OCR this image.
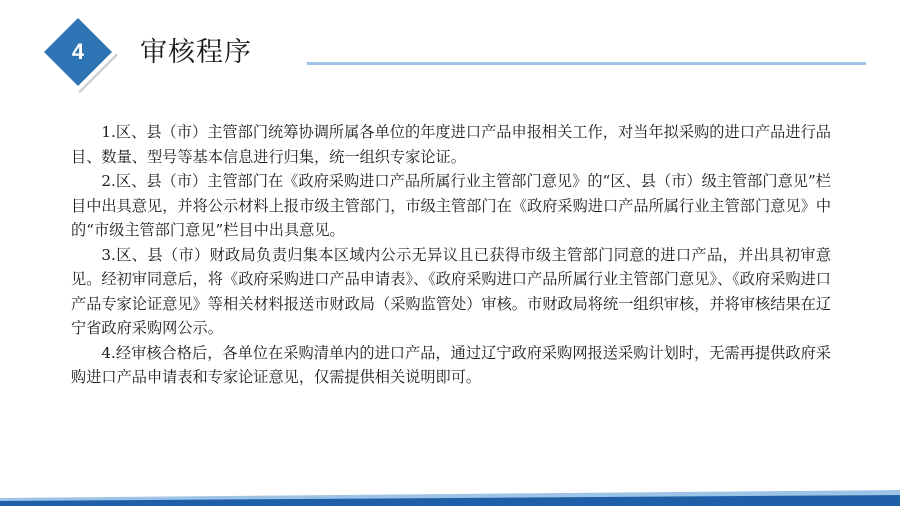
4	审核程序

1.区、县（市）主管部门统筹协调所属各单位的年度进口产品申报相关工作，对当年拟采购的进口产品进行品目、数量、型号等基本信息进行归集，统一组织专家论证。

2.区、县（市）主管部门在《政府采购进口产品所属行业主管部门意见》的“区、县（市）级主管部门意见”栏目中出具意见，并将公示材料上报市级主管部门，市级主管部门在《政府采购进口产品所属行业主管部门意见》中的“市级主管部门意见”栏目中出具意见。

3.区、县（市）财政局负责归集本区域内公示无异议且已获得市级主管部门同意的进口产品，并出具初审意见。经初审同意后，将《政府采购进口产品申请表》、《政府采购进口产品所属行业主管部门意见》、《政府采购进口产品专家论证意见》等相关材料报送市财政局（采购监管处）审核。市财政局将统一组织审核，并将审核结果在辽宁省政府采购网公示。

4.经审核合格后，各单位在采购清单内的进口产品，通过辽宁政府采购网报送采购计划时，无需再提供政府采购进口产品申请表和专家论证意见，仅需提供相关说明即可。
